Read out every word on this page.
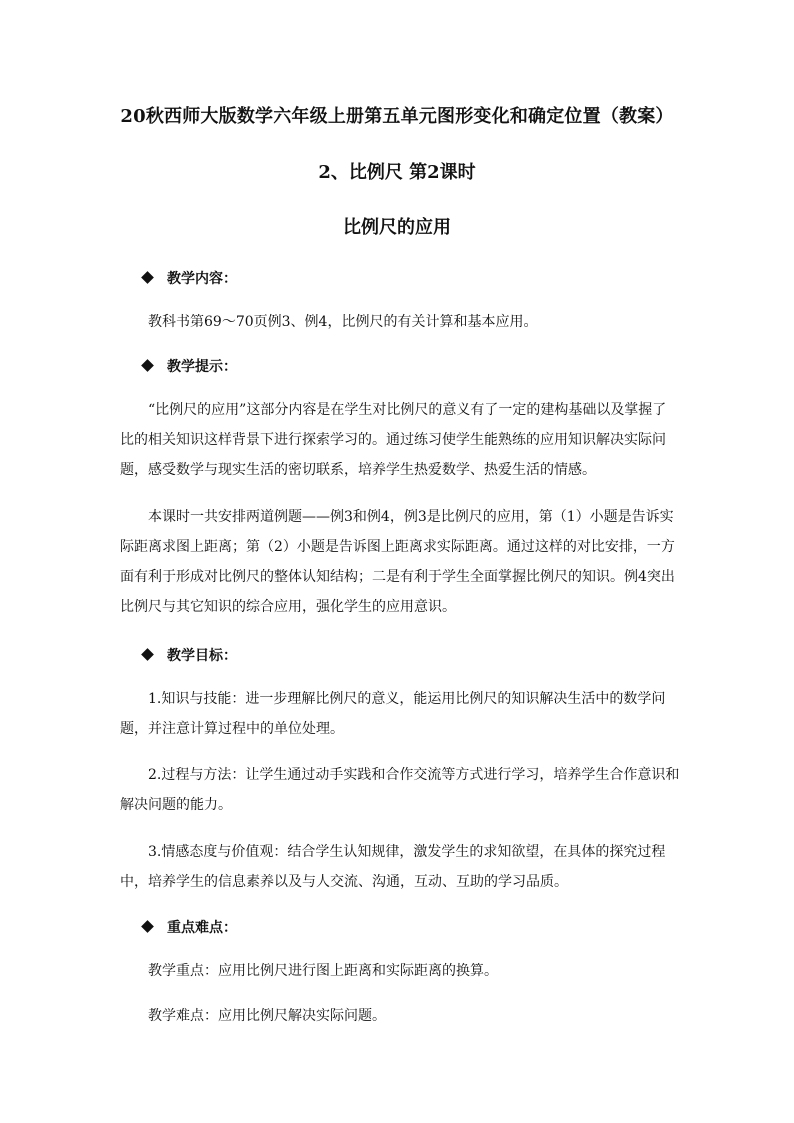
20秋西师大版数学六年级上册第五单元图形变化和确定位置（教案）
2、比例尺 第2课时
比例尺的应用
教学内容：
教科书第69～70页例3、例4，比例尺的有关计算和基本应用。
教学提示：
“比例尺的应用”这部分内容是在学生对比例尺的意义有了一定的建构基础以及掌握了比的相关知识这样背景下进行探索学习的。通过练习使学生能熟练的应用知识解决实际问题，感受数学与现实生活的密切联系，培养学生热爱数学、热爱生活的情感。
本课时一共安排两道例题——例3和例4，例3是比例尺的应用，第（1）小题是告诉实际距离求图上距离；第（2）小题是告诉图上距离求实际距离。通过这样的对比安排，一方面有利于形成对比例尺的整体认知结构；二是有利于学生全面掌握比例尺的知识。例4突出比例尺与其它知识的综合应用，强化学生的应用意识。
教学目标：
1.知识与技能：进一步理解比例尺的意义，能运用比例尺的知识解决生活中的数学问题，并注意计算过程中的单位处理。
2.过程与方法：让学生通过动手实践和合作交流等方式进行学习，培养学生合作意识和解决问题的能力。
3.情感态度与价值观：结合学生认知规律，激发学生的求知欲望，在具体的探究过程中，培养学生的信息素养以及与人交流、沟通，互动、互助的学习品质。
重点难点：
教学重点：应用比例尺进行图上距离和实际距离的换算。
教学难点：应用比例尺解决实际问题。
